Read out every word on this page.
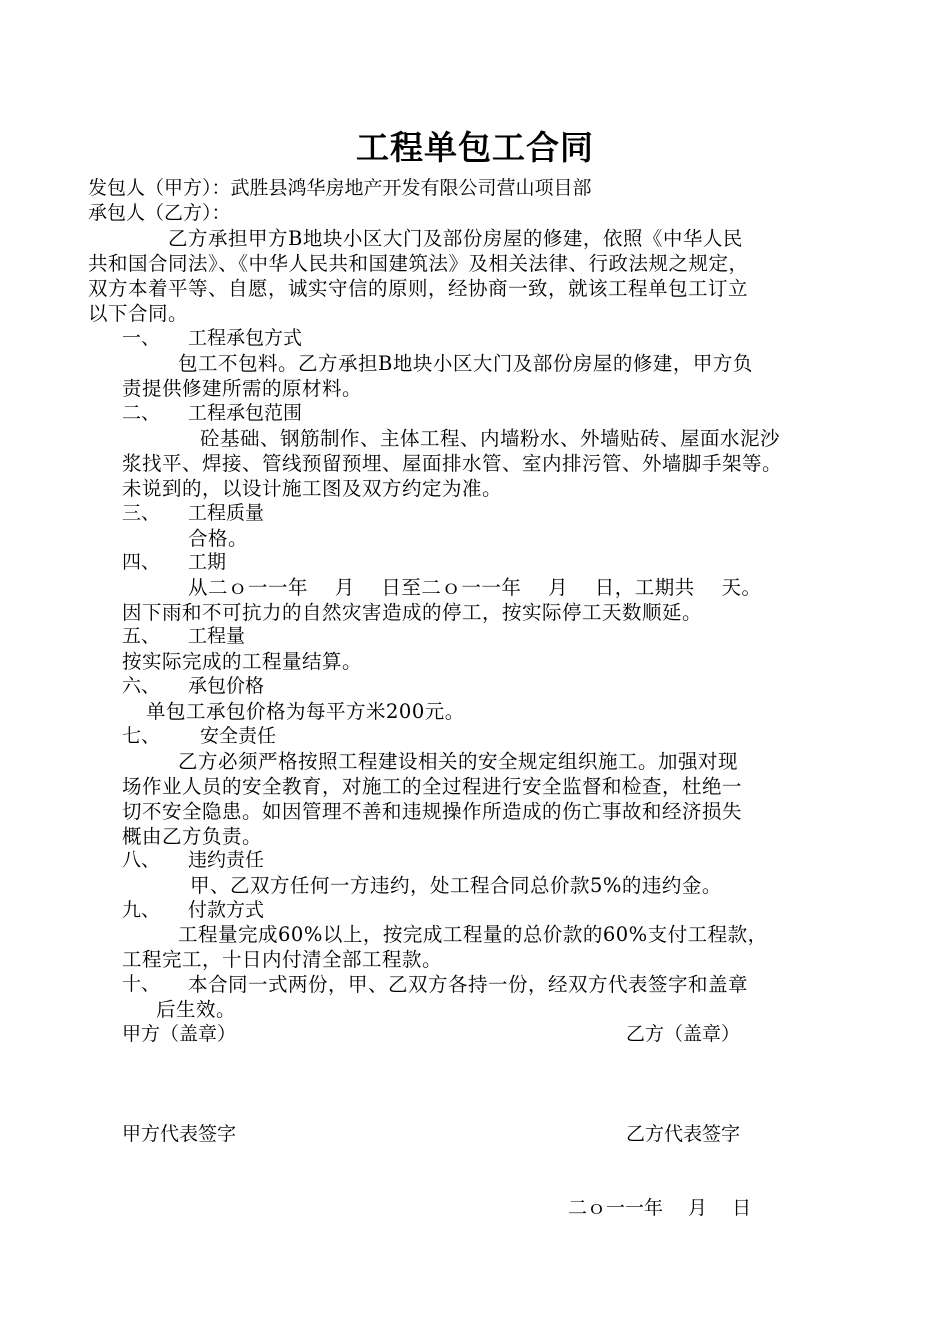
工程单包工合同
发包人（甲方）：武胜县鸿华房地产开发有限公司营山项目部
承包人（乙方）：
乙方承担甲方B地块小区大门及部份房屋的修建，依照《中华人民
共和国合同法》、《中华人民共和国建筑法》及相关法律、行政法规之规定，
双方本着平等、自愿，诚实守信的原则，经协商一致，就该工程单包工订立
以下合同。
一、 工程承包方式
包工不包料。乙方承担B地块小区大门及部份房屋的修建，甲方负
责提供修建所需的原材料。
二、 工程承包范围
砼基础、钢筋制作、主体工程、内墙粉水、外墙贴砖、屋面水泥沙
浆找平、焊接、管线预留预埋、屋面排水管、室内排污管、外墙脚手架等。
未说到的，以设计施工图及双方约定为准。
三、 工程质量
合格。
四、 工期
从二ｏ一一年　 月　 日至二ｏ一一年　 月　 日，工期共　 天。
因下雨和不可抗力的自然灾害造成的停工，按实际停工天数顺延。
五、 工程量
按实际完成的工程量结算。
六、 承包价格
单包工承包价格为每平方米200元。
七、 安全责任
乙方必须严格按照工程建设相关的安全规定组织施工。加强对现
场作业人员的安全教育，对施工的全过程进行安全监督和检查，杜绝一
切不安全隐患。如因管理不善和违规操作所造成的伤亡事故和经济损失
概由乙方负责。
八、 违约责任
甲、乙双方任何一方违约，处工程合同总价款5%的违约金。
九、 付款方式
工程量完成60%以上，按完成工程量的总价款的60%支付工程款，
工程完工，十日内付清全部工程款。
十、 本合同一式两份，甲、乙双方各持一份，经双方代表签字和盖章
后生效。
甲方（盖章）	乙方（盖章）
甲方代表签字	乙方代表签字
二ｏ一一年　 月　 日
